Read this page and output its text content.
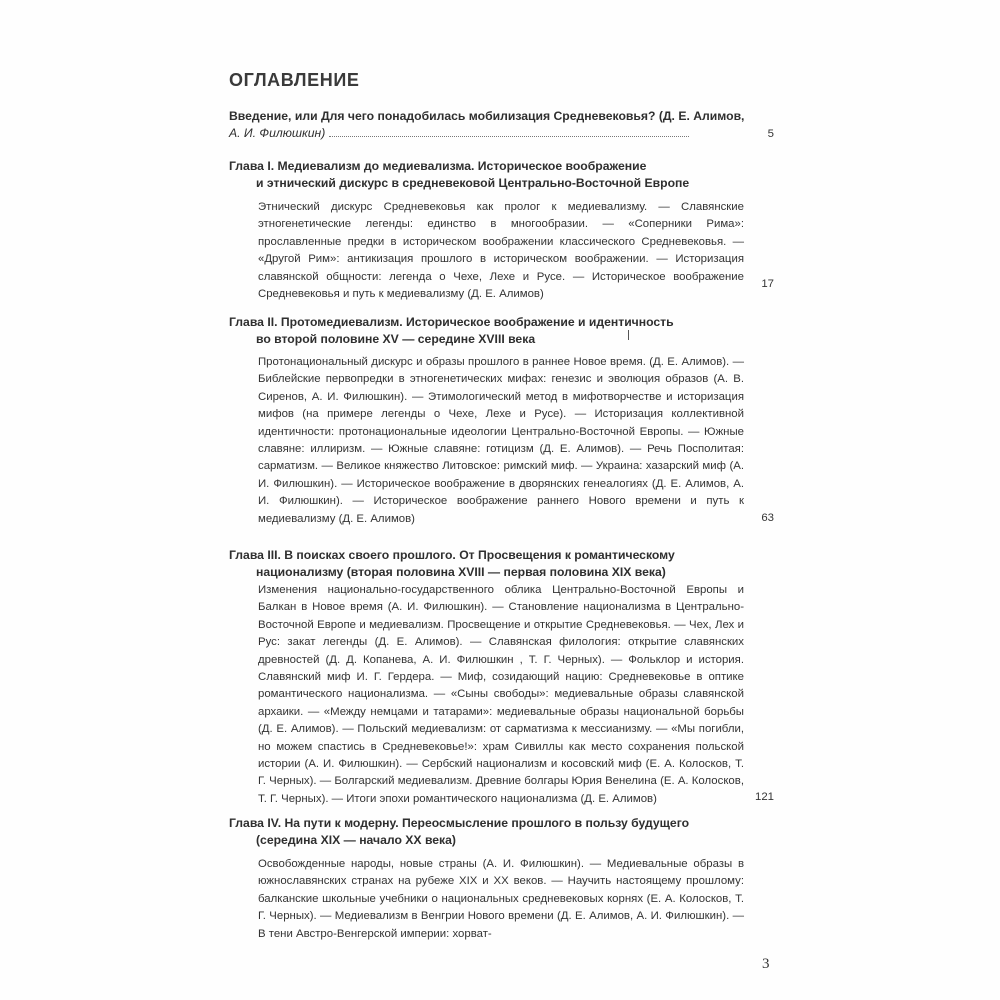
ОГЛАВЛЕНИЕ
Введение, или Для чего понадобилась мобилизация Средневековья? (Д. Е. Алимов,
А. И. Филюшкин)	5
Глава I. Медиевализм до медиевализма. Историческое воображение
и этнический дискурс в средневековой Центрально-Восточной Европе
Этнический дискурс Средневековья как пролог к медиевализму. — Славянские этногенетические легенды: единство в многообразии. — «Соперники Рима»: прославленные предки в историческом воображении классического Средневековья. — «Другой Рим»: антикизация прошлого в историческом воображении. — Историзация славянской общности: легенда о Чехе, Лехе и Русе. — Историческое воображение Средневековья и путь к медиевализму (Д. Е. Алимов)
17
Глава II. Протомедиевализм. Историческое воображение и идентичность
во второй половине XV — середине XVIII века
Протонациональный дискурс и образы прошлого в раннее Новое время. (Д. Е. Алимов). — Библейские первопредки в этногенетических мифах: генезис и эволюция образов (А. В. Сиренов, А. И. Филюшкин). — Этимологический метод в мифотворчестве и историзация мифов (на примере легенды о Чехе, Лехе и Русе). — Историзация коллективной идентичности: протонациональные идеологии Центрально-Восточной Европы. — Южные славяне: иллиризм. — Южные славяне: готицизм (Д. Е. Алимов). — Речь Посполитая: сарматизм. — Великое княжество Литовское: римский миф. — Украина: хазарский миф (А. И. Филюшкин). — Историческое воображение в дворянских генеалогиях (Д. Е. Алимов, А. И. Филюшкин). — Историческое воображение раннего Нового времени и путь к медиевализму (Д. Е. Алимов)	63
Глава III. В поисках своего прошлого. От Просвещения к романтическому
национализму (вторая половина XVIII — первая половина XIX века)
Изменения национально-государственного облика Центрально-Восточной Европы и Балкан в Новое время (А. И. Филюшкин). — Становление национализма в Центрально-Восточной Европе и медиевализм. Просвещение и открытие Средневековья. — Чех, Лех и Рус: закат легенды (Д. Е. Алимов). — Славянская филология: открытие славянских древностей (Д. Д. Копанева, А. И. Филюшкин , Т. Г. Черных). — Фольклор и история. Славянский миф И. Г. Гердера. — Миф, созидающий нацию: Средневековье в оптике романтического национализма. — «Сыны свободы»: медиевальные образы славянской архаики. — «Между немцами и татарами»: медиевальные образы национальной борьбы (Д. Е. Алимов). — Польский медиевализм: от сарматизма к мессианизму. — «Мы погибли, но можем спастись в Средневековье!»: храм Сивиллы как место сохранения польской истории (А. И. Филюшкин). — Сербский национализм и косовский миф (Е. А. Колосков, Т. Г. Черных). — Болгарский медиевализм. Древние болгары Юрия Венелина (Е. А. Колосков, Т. Г. Черных). — Итоги эпохи романтического национализма (Д. Е. Алимов)	121
Глава IV. На пути к модерну. Переосмысление прошлого в пользу будущего
(середина XIX — начало XX века)
Освобожденные народы, новые страны (А. И. Филюшкин). — Медиевальные образы в южнославянских странах на рубеже XIX и XX веков. — Научить настоящему прошлому: балканские школьные учебники о национальных средневековых корнях (Е. А. Колосков, Т. Г. Черных). — Медиевализм в Венгрии Нового времени (Д. Е. Алимов, А. И. Филюшкин). — В тени Австро-Венгерской империи: хорват-
3
